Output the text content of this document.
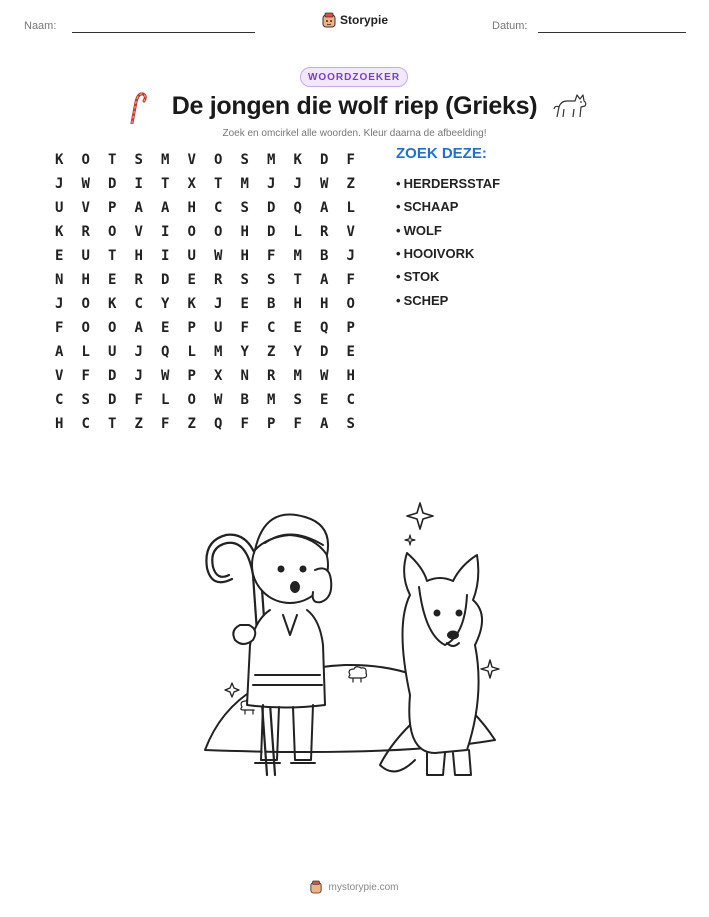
Naam:	Storypie	Datum:
WOORDZOEKER
De jongen die wolf riep (Grieks)
Zoek en omcirkel alle woorden. Kleur daarna de afbeelding!
K	O	T	S	M	V	O	S	M	K	D	F
J	W	D	I	T	X	T	M	J	J	W	Z
U	V	P	A	A	H	C	S	D	Q	A	L
K	R	O	V	I	O	O	H	D	L	R	V
E	U	T	H	I	U	W	H	F	M	B	J
N	H	E	R	D	E	R	S	S	T	A	F
J	O	K	C	Y	K	J	E	B	H	H	O
F	O	O	A	E	P	U	F	C	E	Q	P
A	L	U	J	Q	L	M	Y	Z	Y	D	E
V	F	D	J	W	P	X	N	R	M	W	H
C	S	D	F	L	O	W	B	M	S	E	C
H	C	T	Z	F	Z	Q	F	P	F	A	S
ZOEK DEZE:
• HERDERSSTAF
• SCHAAP
• WOLF
• HOOIVORK
• STOK
• SCHEP
mystorypie.com
